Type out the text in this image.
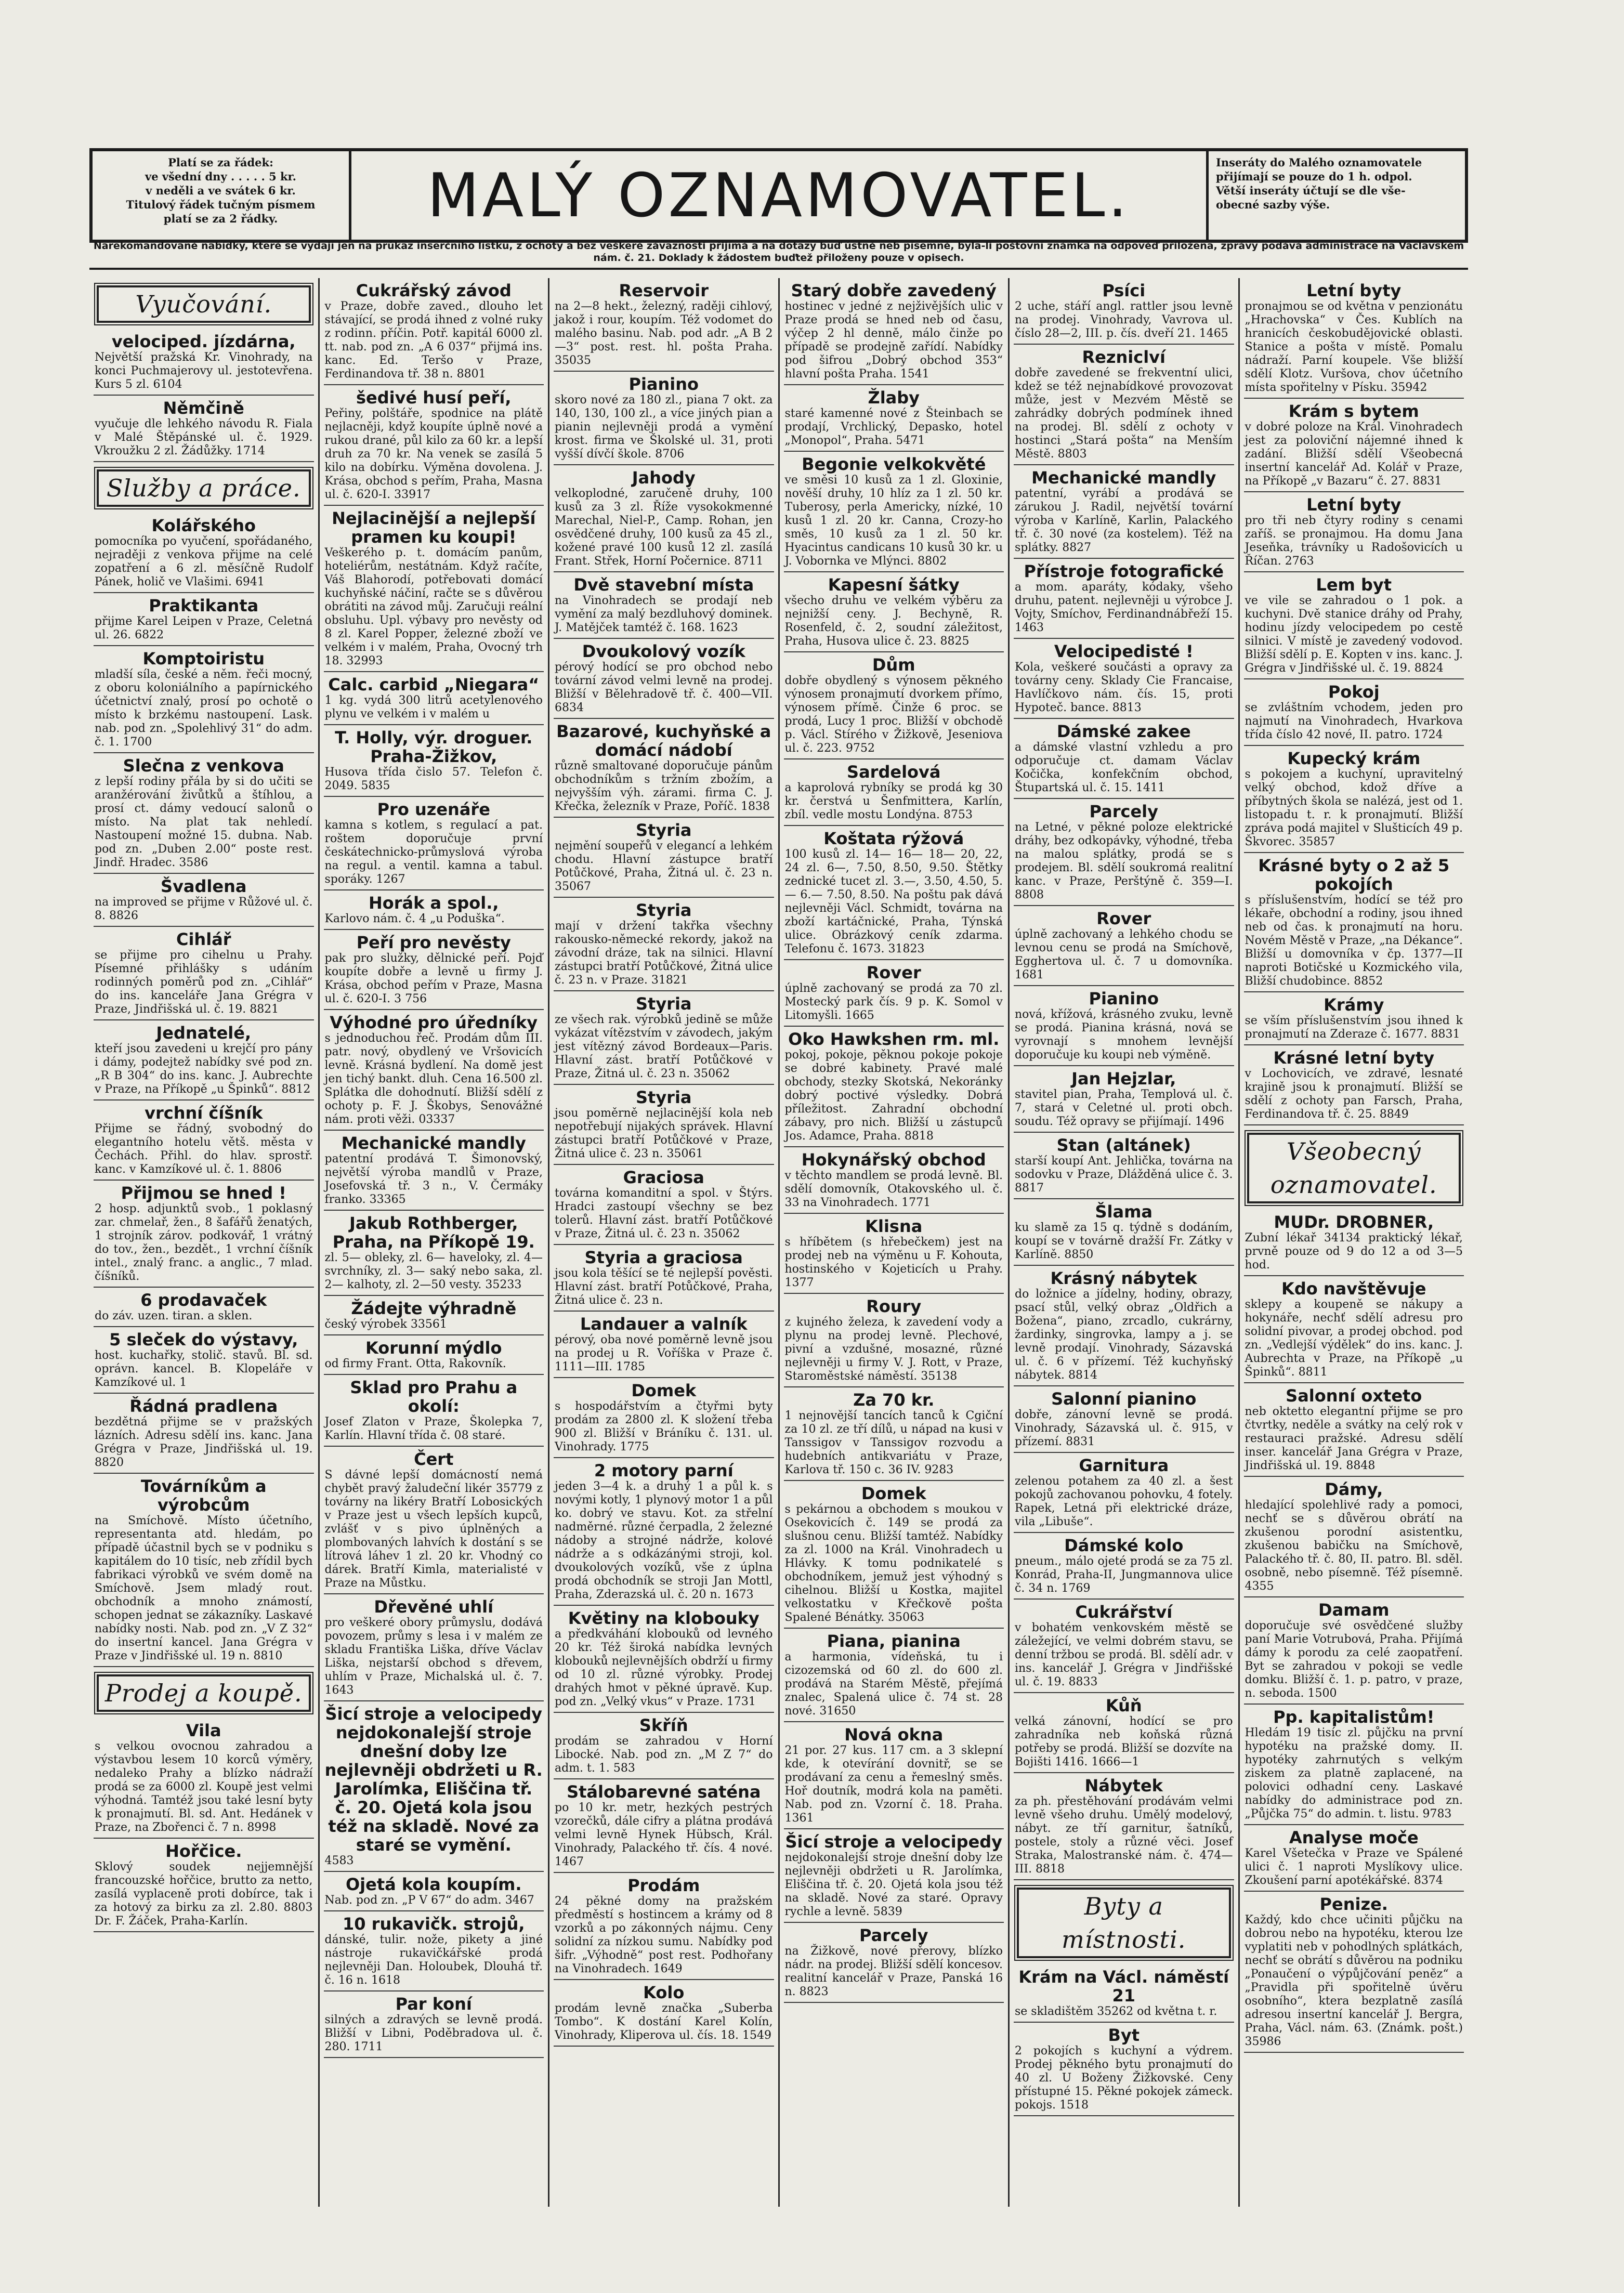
Platí se za řádek:
ve všední dny . . . . . 5 kr.
v neděli a ve svátek 6 kr.
Titulový řádek tučným písmem
platí se za 2 řádky.	MALÝ OZNAMOVATEL.	Inseráty do Malého oznamovatele
přijímají se pouze do 1 h. odpol.
Větší inseráty účtují se dle vše-
obecné sazby výše.
Narekomandované nabídky, které se vydají jen na průkaz inserčního lístku, z ochoty a bez veškeré závaznosti přijímá a na dotazy buď ústně neb písemně, byla-li poštovní známka na odpověď přiložena, zprávy podává administrace na Václavském nám. č. 21. Doklady k žádostem buďtež přiloženy pouze v opisech.
Vyučování.
velociped. jízdárna,
Největší pražská Kr. Vinohrady, na konci Puchmajerovy ul. jestotevřena. Kurs 5 zl. 6104
Němčině
vyučuje dle lehkého návodu R. Fiala v Malé Štěpánské ul. č. 1929. Vkroužku 2 zl. Žádůžky. 1714
Služby a práce.
Kolářského
pomocníka po vyučení, spořádaného, nejraději z venkova přijme na celé zopatření a 6 zl. měsíčně Rudolf Pánek, holič ve Vlašimi. 6941
Praktikanta
přijme Karel Leipen v Praze, Celetná ul. 26. 6822
Komptoiristu
mladší síla, české a něm. řeči mocný, z oboru koloniálního a papírnického účetnictví znalý, prosí po ochotě o místo k brzkému nastoupení. Lask. nab. pod zn. „Spolehlivý 31“ do adm. č. 1. 1700
Slečna z venkova
z lepší rodiny přála by si do učiti se aranžérování živůtků a štíhlou, a prosí ct. dámy vedoucí salonů o místo. Na plat tak nehledí. Nastoupení možné 15. dubna. Nab. pod zn. „Duben 2.00“ poste rest. Jindř. Hradec. 3586
Švadlena
na improved se přijme v Růžové ul. č. 8. 8826
Cihlář
se přijme pro cihelnu u Prahy. Písemné přihlášky s udáním rodinných poměrů pod zn. „Cihlář“ do ins. kanceláře Jana Grégra v Praze, Jindřišská ul. č. 19. 8821
Jednatelé,
kteří jsou zavedeni u krejčí pro pány i dámy, podejtež nabídky své pod zn. „R B 304“ do ins. kanc. J. Aubrechte v Praze, na Příkopě „u Špinků“. 8812
vrchní číšník
Přijme se řádný, svobodný do elegantního hotelu větš. města v Čechách. Přihl. do hlav. sprostř. kanc. v Kamzíkové ul. č. 1. 8806
Přijmou se hned !
2 hosp. adjunktů svob., 1 poklasný zar. chmelař, žen., 8 šafářů ženatých, 1 strojník zárov. podkovář, 1 vrátný do tov., žen., bezdět., 1 vrchní číšník intel., znalý franc. a anglic., 7 mlad. číšníků.
6 prodavaček
do záv. uzen. tiran. a sklen.
5 sleček do výstavy,
host. kuchařky, stolič. stavů. Bl. sd. oprávn. kancel. B. Klopeláře v Kamzíkové ul. 1
Řádná pradlena
bezdětná přijme se v pražských lázních. Adresu sdělí ins. kanc. Jana Grégra v Praze, Jindřišská ul. 19. 8820
Továrníkům a výrobcům
na Smíchově. Místo účetního, representanta atd. hledám, po případě účastnil bych se v podniku s kapitálem do 10 tisíc, neb zřídil bych fabrikaci výrobků ve svém domě na Smíchově. Jsem mladý rout. obchodník a mnoho známostí, schopen jednat se zákazníky. Laskavé nabídky nosti. Nab. pod zn. „V Z 32“ do insertní kancel. Jana Grégra v Praze v Jindřišské ul. 19 n. 8810
Prodej a koupě.
Vila
s velkou ovocnou zahradou a výstavbou lesem 10 korců výměry, nedaleko Prahy a blízko nádraží prodá se za 6000 zl. Koupě jest velmi výhodná. Tamtéž jsou také lesní byty k pronajmutí. Bl. sd. Ant. Hedánek v Praze, na Zbořenci č. 7 n. 8998
Hořčice.
Sklový soudek nejjemnější francouzské hořčice, brutto za netto, zasílá vyplaceně proti dobírce, tak i za hotový za birku za zl. 2.80. 8803 Dr. F. Žáček, Praha-Karlín.
Cukrářský závod
v Praze, dobře zaved., dlouho let stávající, se prodá ihned z volné ruky z rodinn. příčin. Potř. kapitál 6000 zl. tt. nab. pod zn. „A 6 037“ přijmá ins. kanc. Ed. Teršo v Praze, Ferdinandova tř. 38 n. 8801
šedivé husí peří,
Peřiny, polštáře, spodnice na plátě nejlacněji, když koupíte úplně nové a rukou drané, půl kilo za 60 kr. a lepší druh za 70 kr. Na venek se zasílá 5 kilo na dobírku. Výměna dovolena. J. Krása, obchod s peřím, Praha, Masna ul. č. 620-I. 33917
Nejlacinější a nejlepší pramen ku koupi!
Veškerého p. t. domácím panům, hoteliérům, nestátnám. Když račíte, Váš Blahorodí, potřebovati domácí kuchyňské náčiní, račte se s důvěrou obrátiti na závod můj. Zaručuji reální obsluhu. Upl. výbavy pro nevěsty od 8 zl. Karel Popper, železné zboží ve velkém i v malém, Praha, Ovocný trh 18. 32993
Calc. carbid „Niegara“
1 kg. vydá 300 litrů acetylenového plynu ve velkém i v malém u
T. Holly, výr. droguer. Praha-Žižkov,
Husova třída čislo 57. Telefon č. 2049. 5835
Pro uzenáře
kamna s kotlem, s regulací a pat. roštem doporučuje první českátechnicko-průmyslová výroba na regul. a ventil. kamna a tabul. sporáky. 1267
Horák a spol.,
Karlovo nám. č. 4 „u Poduška“.
Peří pro nevěsty
pak pro služky, dělnické peří. Pojď koupíte dobře a levně u firmy J. Krása, obchod peřím v Praze, Masna ul. č. 620-I. 3 756
Výhodné pro úředníky
s jednoduchou řeč. Prodám dům III. patr. nový, obydlený ve Vršovicích levně. Krásná bydlení. Na domě jest jen tichý bankt. dluh. Cena 16.500 zl. Splátka dle dohodnutí. Bližší sdělí z ochoty p. F. J. Škobys, Senovážné nám. proti věži. 03337
Mechanické mandly
patentní prodává T. Šimonovský, největší výroba mandlů v Praze, Josefovská tř. 3 n., V. Čermáky franko. 33365
Jakub Rothberger, Praha, na Příkopě 19.
zl. 5— obleky, zl. 6— haveloky, zl. 4— svrchníky, zl. 3— saký nebo saka, zl. 2— kalhoty, zl. 2—50 vesty. 35233
Žádejte výhradně
český výrobek 33561
Korunní mýdlo
od firmy Frant. Otta, Rakovník.
Sklad pro Prahu a okolí:
Josef Zlaton v Praze, Školepka 7, Karlín. Hlavní třída č. 08 staré.
Čert
S dávné lepší domácností nemá chybět pravý žaludeční likér 35779 z továrny na likéry Bratří Lobosických v Praze jest u všech lepších kupců, zvlášť v s pivo úplněných a plombovaných lahvích k dostání s se lítrová láhev 1 zl. 20 kr. Vhodný co dárek. Bratří Kimla, materialisté v Praze na Můstku.
Dřevěné uhlí
pro veškeré obory průmyslu, dodává povozem, průmy s lesa i v malém ze skladu Františka Liška, dříve Václav Liška, nejstarší obchod s dřevem, uhlím v Praze, Michalská ul. č. 7. 1643
Šicí stroje a velocipedy nejdokonalejší stroje dnešní doby lze nejlevněji obdržeti u R. Jarolímka, Eliščina tř. č. 20. Ojetá kola jsou též na skladě. Nové za staré se vymění.
4583
Ojetá kola koupím.
Nab. pod zn. „P V 67“ do adm. 3467
10 rukavičk. strojů,
dánské, tulir. nože, pikety a jiné nástroje rukavičkářské prodá nejlevněji Dan. Holoubek, Dlouhá tř. č. 16 n. 1618
Par koní
silných a zdravých se levně prodá. Bližší v Libni, Poděbradova ul. č. 280. 1711
Reservoir
na 2—8 hekt., železný, raději cihlový, jakož i rour, koupím. Též vodomet do malého basinu. Nab. pod adr. „A B 2—3“ post. rest. hl. pošta Praha. 35035
Pianino
skoro nové za 180 zl., piana 7 okt. za 140, 130, 100 zl., a více jiných pian a pianin nejlevněji prodá a vymění krost. firma ve Školské ul. 31, proti vyšší dívčí škole. 8706
Jahody
velkoplodné, zaručeně druhy, 100 kusů za 3 zl. Říže vysokokmenné Marechal, Niel-P., Camp. Rohan, jen osvědčené druhy, 100 kusů za 45 zl., kožené pravé 100 kusů 12 zl. zasílá Frant. Střek, Horní Počernice. 8711
Dvě stavební místa
na Vinohradech se prodají neb vymění za malý bezdluhový dominek. J. Matějček tamtéž č. 168. 1623
Dvoukolový vozík
pérový hodící se pro obchod nebo tovární závod velmi levně na prodej. Bližší v Bělehradově tř. č. 400—VII. 6834
Bazarové, kuchyňské a domácí nádobí
různě smaltované doporučuje pánům obchodníkům s tržním zbožím, a nejvyšším výh. zárami. firma C. J. Křečka, železník v Praze, Poříč. 1838
Styria
nejmění soupeřů v elegancí a lehkém chodu. Hlavní zástupce bratří Potůčkové, Praha, Žitná ul. č. 23 n. 35067
Styria
mají v držení takřka všechny rakousko-německé rekordy, jakož na závodní dráze, tak na silnici. Hlavní zástupci bratří Potůčkové, Žitná ulice č. 23 n. v Praze. 31821
Styria
ze všech rak. výrobků jedině se může vykázat vítězstvím v závodech, jakým jest vítězný závod Bordeaux—Paris. Hlavní zást. bratří Potůčkové v Praze, Žitná ul. č. 23 n. 35062
Styria
jsou poměrně nejlacinější kola neb nepotřebují nijakých správek. Hlavní zástupci bratří Potůčkové v Praze, Žitná ulice č. 23 n. 35061
Graciosa
továrna komanditní a spol. v Štýrs. Hradci zastoupí všechny se bez tolerů. Hlavní zást. bratří Potůčkové v Praze, Žitná ul. č. 23 n. 35062
Styria a graciosa
jsou kola těšící se té nejlepší pověsti. Hlavní zást. bratří Potůčkové, Praha, Žitná ulice č. 23 n.
Landauer a valník
pérový, oba nové poměrně levně jsou na prodej u R. Voříška v Praze č. 1111—III. 1785
Domek
s hospodářstvím a čtyřmi byty prodám za 2800 zl. K složení třeba 900 zl. Bližší v Bráníku č. 131. ul. Vinohrady. 1775
2 motory parní
jeden 3—4 k. a druhý 1 a půl k. s novými kotly, 1 plynový motor 1 a půl ko. dobrý ve stavu. Kot. za střelní nadměrné. různé čerpadla, 2 železné nádoby a strojné nádrže, kolové nádrže a s odkázánými stroji, kol. dvoukolových vozíků, vše z úplna prodá obchodník se stroji Jan Mottl, Praha, Zderazská ul. č. 20 n. 1673
Květiny na klobouky
a předkváhání klobouků od levného 20 kr. Též široká nabídka levných klobouků nejlevnějších obdrží u firmy od 10 zl. různé výrobky. Prodej drahých hmot v pěkné úpravě. Kup. pod zn. „Velký vkus“ v Praze. 1731
Skříň
prodám se zahradou v Horní Libocké. Nab. pod zn. „M Z 7“ do adm. t. 1. 583
Stálobarevné saténa
po 10 kr. metr, hezkých pestrých vzorečků, dále cifry a plátna prodává velmi levně Hynek Hübsch, Král. Vinohrady, Palackého tř. čís. 4 nové. 1467
Prodám
24 pěkné domy na pražském předměstí s hostincem a krámy od 8 vzorků a po zákonných nájmu. Ceny solidní za nízkou sumu. Nabídky pod šifr. „Výhodně“ post rest. Podhořany na Vinohradech. 1649
Kolo
prodám levně značka „Suberba Tombo“. K dostání Karel Kolín, Vinohrady, Kliperova ul. čís. 18. 1549
Starý dobře zavedený
hostinec v jedné z nejživějších ulic v Praze prodá se hned neb od času, výčep 2 hl denně, málo činže po případě se prodejně zařídí. Nabídky pod šifrou „Dobrý obchod 353“ hlavní pošta Praha. 1541
Žlaby
staré kamenné nové z Šteinbach se prodají, Vrchlický, Depasko, hotel „Monopol“, Praha. 5471
Begonie velkokvěté
ve směsi 10 kusů za 1 zl. Gloxinie, nověší druhy, 10 hlíz za 1 zl. 50 kr. Tuberosy, perla Americky, nízké, 10 kusů 1 zl. 20 kr. Canna, Crozy-ho směs, 10 kusů za 1 zl. 50 kr. Hyacintus candicans 10 kusů 30 kr. u J. Vobornka ve Mlýnci. 8802
Kapesní šátky
všecho druhu ve velkém výběru za nejnižší ceny. J. Bechyně, R. Rosenfeld, č. 2, soudní záležitost, Praha, Husova ulice č. 23. 8825
Dům
dobře obydlený s výnosem pěkného výnosem pronajmutí dvorkem přímo, výnosem přímě. Činže 6 proc. se prodá, Lucy 1 proc. Bližší v obchodě p. Václ. Stírého v Žižkově, Jeseniova ul. č. 223. 9752
Sardelová
a kaprolová rybníky se prodá kg 30 kr. čerstvá u Šenfmittera, Karlín, zbíl. vedle mostu Londýna. 8753
Koštata rýžová
100 kusů zl. 14— 16— 18— 20, 22, 24 zl. 6—, 7.50, 8.50, 9.50. Štětky zednické tucet zl. 3.—, 3.50, 4.50, 5.— 6.— 7.50, 8.50. Na poštu pak dává nejlevněji Václ. Schmidt, továrna na zboží kartáčnické, Praha, Týnská ulice. Obrázkový ceník zdarma. Telefonu č. 1673. 31823
Rover
úplně zachovaný se prodá za 70 zl. Mostecký park čís. 9 p. K. Somol v Litomyšli. 1665
Oko Hawkshen rm. ml.
pokoj, pokoje, pěknou pokoje pokoje se dobré kabinety. Pravé malé obchody, stezky Skotská, Nekoránky dobrý poctivé výsledky. Dobrá příležitost. Zahradní obchodní zábavy, pro nich. Bližší u zástupců Jos. Adamce, Praha. 8818
Hokynářský obchod
v těchto mandlem se prodá levně. Bl. sdělí domovník, Otakovského ul. č. 33 na Vinohradech. 1771
Klisna
s hříbětem (s hřebečkem) jest na prodej neb na výměnu u F. Kohouta, hostinského v Kojeticích u Prahy. 1377
Roury
z kujného železa, k zavedení vody a plynu na prodej levně. Plechové, pivní a vzdušné, mosazné, různé nejlevněji u firmy V. J. Rott, v Praze, Staroměstské náměstí. 35138
Za 70 kr.
1 nejnovější tancích tanců k Cgiční za 10 zl. ze tří dílů, u nápad na kusi v Tanssigov v Tanssigov rozvodu a hudebních antikvariátu v Praze, Karlova tř. 150 c. 36 IV. 9283
Domek
s pekárnou a obchodem s moukou v Osekovicích č. 149 se prodá za slušnou cenu. Bližší tamtéž. Nabídky za zl. 1000 na Král. Vinohradech u Hlávky. K tomu podnikatelé s obchodníkem, jemuž jest výhodný s cihelnou. Bližší u Kostka, majitel velkostatku v Křečkově pošta Spalené Bénátky. 35063
Piana, pianina
a harmonia, vídeňská, tu i cizozemská od 60 zl. do 600 zl. prodává na Starém Městě, přejímá znalec, Spalená ulice č. 74 st. 28 nové. 31650
Nová okna
21 por. 27 kus. 117 cm. a 3 sklepní kde, k otevírání dovnitř, se se prodávaní za cenu a řemeslný směs. Hoř doutník, modrá kola na paměti. Nab. pod zn. Vzorní č. 18. Praha. 1361
Šicí stroje a velocipedy
nejdokonalejší stroje dnešní doby lze nejlevněji obdržeti u R. Jarolímka, Eliščina tř. č. 20. Ojetá kola jsou též na skladě. Nové za staré. Opravy rychle a levně. 5839
Parcely
na Žižkově, nové přerovy, blízko nádr. na prodej. Bližší sdělí koncesov. realitní kancelář v Praze, Panská 16 n. 8823
Psíci
2 uche, stáří angl. rattler jsou levně na prodej. Vinohrady, Vavrova ul. číslo 28—2, III. p. čís. dveří 21. 1465
Rezniclví
dobře zavedené se frekventní ulici, kdež se též nejnabídkové provozovat může, jest v Mezvém Městě se zahrádky dobrých podmínek ihned na prodej. Bl. sdělí z ochoty v hostinci „Stará pošta“ na Menším Městě. 8803
Mechanické mandly
patentní, vyrábí a prodává se zárukou J. Radil, největší tovární výroba v Karlíně, Karlin, Palackého tř. č. 30 nové (za kostelem). Též na splátky. 8827
Přístroje fotografické
a mom. aparáty, kódaky, všeho druhu, patent. nejlevněji u výrobce J. Vojty, Smíchov, Ferdinandnábřeží 15. 1463
Velocipedisté !
Kola, veškeré součásti a opravy za továrny ceny. Sklady Cie Francaise, Havlíčkovo nám. čís. 15, proti Hypoteč. bance. 8813
Dámské zakee
a dámské vlastní vzhledu a pro odporučuje ct. damam Václav Kočička, konfekčním obchod, Štupartská ul. č. 15. 1411
Parcely
na Letné, v pěkné poloze elektrické dráhy, bez odkopávky, výhodné, třeba na malou splátky, prodá se s prodejem. Bl. sdělí soukromá realitní kanc. v Praze, Perštýně č. 359—I. 8808
Rover
úplně zachovaný a lehkého chodu se levnou cenu se prodá na Smíchově, Egghertova ul. č. 7 u domovníka. 1681
Pianino
nová, křížová, krásného zvuku, levně se prodá. Pianina krásná, nová se vyrovnají s mnohem levnější doporučuje ku koupi neb výměně.
Jan Hejzlar,
stavitel pian, Praha, Templová ul. č. 7, stará v Celetné ul. proti obch. soudu. Též opravy se přijímají. 1496
Stan (altánek)
starší koupí Ant. Jehlička, továrna na sodovku v Praze, Dlážděná ulice č. 3. 8817
Šlama
ku slamě za 15 q. týdně s dodáním, koupí se v továrně dražší Fr. Zátky v Karlíně. 8850
Krásný nábytek
do ložnice a jídelny, hodiny, obrazy, psací stůl, velký obraz „Oldřich a Božena“, piano, zrcadlo, cukrárny, žardinky, singrovka, lampy a j. se levně prodají. Vinohrady, Sázavská ul. č. 6 v přízemí. Též kuchyňský nábytek. 8814
Salonní pianino
dobře, zánovní levně se prodá. Vinohrady, Sázavská ul. č. 915, v přízemí. 8831
Garnitura
zelenou potahem za 40 zl. a šest pokojů zachovanou pohovku, 4 fotely. Rapek, Letná při elektrické dráze, vila „Libuše“.
Dámské kolo
pneum., málo ojeté prodá se za 75 zl. Konrád, Praha-II, Jungmannova ulice č. 34 n. 1769
Cukrářství
v bohatém venkovském městě se záležející, ve velmi dobrém stavu, se denní tržbou se prodá. Bl. sdělí adr. v ins. kancelář J. Grégra v Jindřišské ul. č. 19. 8833
Kůň
velká zánovní, hodící se pro zahradníka neb koňská různá potřeby se prodá. Bližší se dozvíte na Bojišti 1416. 1666—1
Nábytek
za ph. přestěhování prodávám velmi levně všeho druhu. Umělý modelový, nábyt. ze tří garnitur, šatníků, postele, stoly a různé věci. Josef Straka, Malostranské nám. č. 474—III. 8818
Byty a místnosti.
Krám na Václ. náměstí 21
se skladištěm 35262 od května t. r.
Byt
2 pokojích s kuchyní a výdrem. Prodej pěkného bytu pronajmutí do 40 zl. U Boženy Žižkovské. Ceny přístupné 15. Pěkné pokojek zámeck. pokojs. 1518
Letní byty
pronajmou se od května v penzionátu „Hrachovska“ v Čes. Kublích na hranicích českobudějovické oblasti. Stanice a pošta v místě. Pomalu nádraží. Parní koupele. Vše bližší sdělí Klotz. Vuršova, chov účetního místa spořitelny v Písku. 35942
Krám s bytem
v dobré poloze na Král. Vinohradech jest za poloviční nájemné ihned k zadání. Bližší sdělí Všeobecná insertní kancelář Ad. Kolář v Praze, na Příkopě „v Bazaru“ č. 27. 8831
Letní byty
pro tři neb čtyry rodiny s cenami zaříš. se pronajmou. Ha domu Jana Jeseňka, trávníky u Radošovicích u Říčan. 2763
Lem byt
ve vile se zahradou o 1 pok. a kuchyni. Dvě stanice dráhy od Prahy, hodinu jízdy velocipedem po cestě silnici. V místě je zavedený vodovod. Bližší sdělí p. E. Kopten v ins. kanc. J. Grégra v Jindřišské ul. č. 19. 8824
Pokoj
se zvláštním vchodem, jeden pro najmutí na Vinohradech, Hvarkova třída číslo 42 nové, II. patro. 1724
Kupecký krám
s pokojem a kuchyní, upravitelný velký obchod, kdož dříve a příbytných škola se nalézá, jest od 1. listopadu t. r. k pronajmutí. Bližší zpráva podá majitel v Slušticích 49 p. Škvorec. 35857
Krásné byty o 2 až 5 pokojích
s příslušenstvím, hodící se též pro lékaře, obchodní a rodiny, jsou ihned neb od čas. k pronajmutí na horu. Novém Městě v Praze, „na Dékance“. Bližší u domovníka v čp. 1377—II naproti Botičské u Kozmického vila, Bližší chudobince. 8852
Krámy
se vším příslušenstvím jsou ihned k pronajmutí na Zderaze č. 1677. 8831
Krásné letní byty
v Lochovicích, ve zdravé, lesnaté krajině jsou k pronajmutí. Bližší se sdělí z ochoty pan Farsch, Praha, Ferdinandova tř. č. 25. 8849
Všeobecný oznamovatel.
MUDr. DROBNER,
Zubní lékař 34134 praktický lékař, prvně pouze od 9 do 12 a od 3—5 hod.
Kdo navštěvuje
sklepy a koupeně se nákupy a hokynáře, nechť sdělí adresu pro solidní pivovar, a prodej obchod. pod zn. „Vedlejší výdělek“ do ins. kanc. J. Aubrechta v Praze, na Příkopě „u Špinků“. 8811
Salonní oxteto
neb oktetto elegantní přijme se pro čtvrtky, neděle a svátky na celý rok v restauraci pražské. Adresu sdělí inser. kancelář Jana Grégra v Praze, Jindřišská ul. 19. 8848
Dámy,
hledající spolehlivé rady a pomoci, nechť se s důvěrou obrátí na zkušenou porodní asistentku, zkušenou babičku na Smíchově, Palackého tř. č. 80, II. patro. Bl. sděl. osobně, nebo písemně. Též písemně. 4355
Damam
doporučuje své osvědčené služby paní Marie Votrubová, Praha. Přijímá dámy k porodu za celé zaopatření. Byt se zahradou v pokoji se vedle domku. Bližší č. 1. p. patro, v praze, n. seboda. 1500
Pp. kapitalistům!
Hledám 19 tisíc zl. půjčku na první hypotéku na pražské domy. II. hypotéky zahrnutých s velkým ziskem za platně zaplacené, na polovici odhadní ceny. Laskavé nabídky do administrace pod zn. „Půjčka 75“ do admin. t. listu. 9783
Analyse moče
Karel Všetečka v Praze ve Spálené ulici č. 1 naproti Myslíkovy ulice. Zkoušení parní apotékářské. 8374
Penize.
Každý, kdo chce učiniti půjčku na dobrou nebo na hypotéku, kterou lze vyplatiti neb v pohodlných splátkách, nechť se obrátí s důvěrou na podniku „Ponaučení o výpůjčování peněz“ a „Pravidla při spořitelně úvěru osobního“, ktera bezplatně zasílá adresou insertní kancelář J. Bergra, Praha, Václ. nám. 63. (Známk. pošt.) 35986
